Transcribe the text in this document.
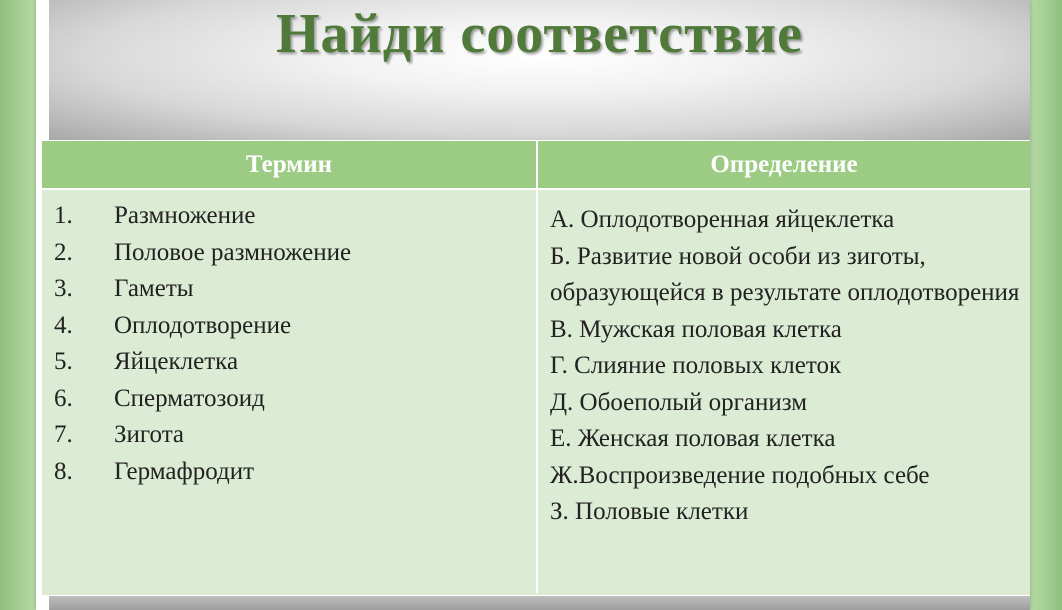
Найди соответствие
Термин	Определение
1. Размножение
2. Половое размножение
3. Гаметы
4. Оплодотворение
5. Яйцеклетка
6. Сперматозоид
7. Зигота
8. Гермафродит
А. Оплодотворенная яйцеклетка
Б. Развитие новой особи из зиготы, образующейся в результате оплодотворения
В. Мужская половая клетка
Г. Слияние половых клеток
Д. Обоеполый организм
Е. Женская половая клетка
Ж.Воспроизведение подобных себе
З. Половые клетки
